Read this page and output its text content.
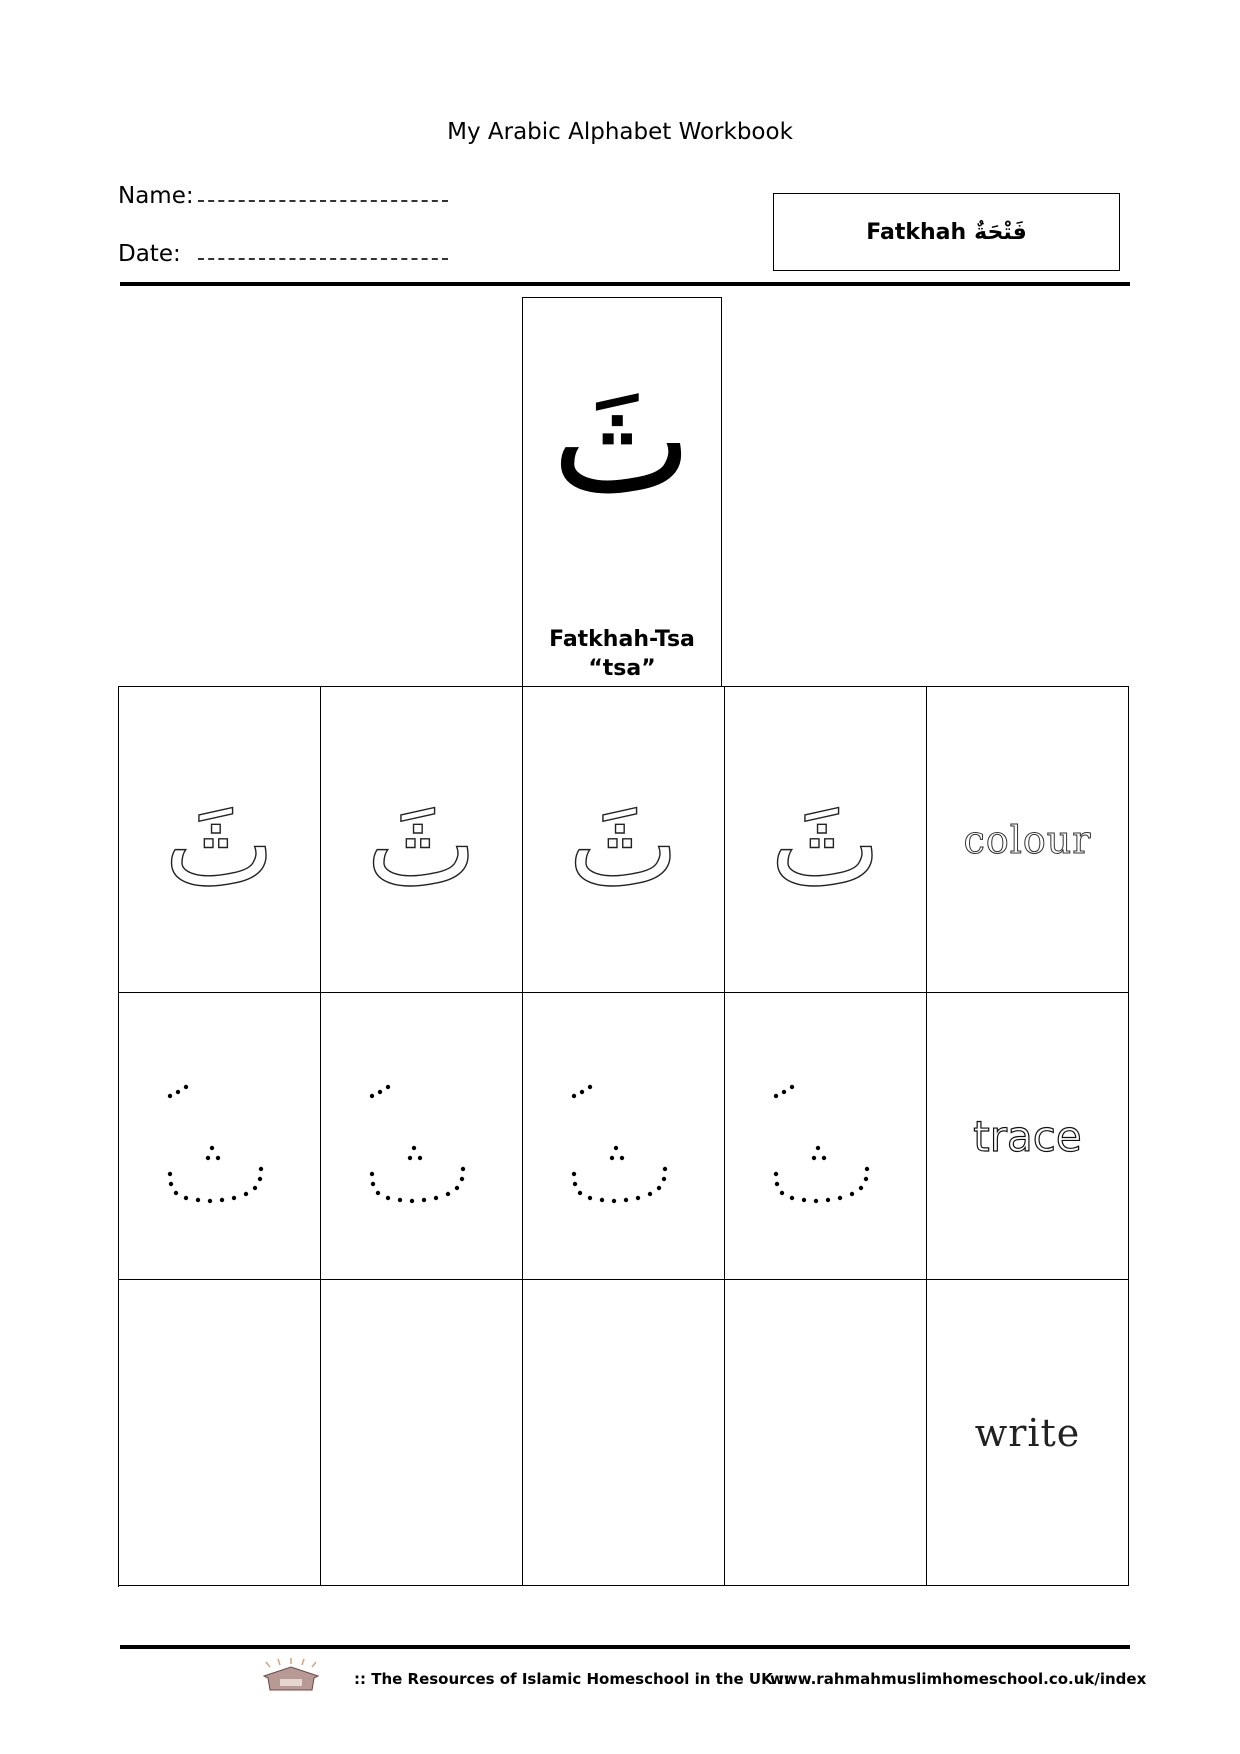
My Arabic Alphabet Workbook
Name:
Date:
Fatkhah فَتْحَةٌ
ثَ
Fatkhah-Tsa
“tsa”
ثَ ثَ ثَ ثَ colour
trace
write
:: The Resources of Islamic Homeschool in the UK ::
www.rahmahmuslimhomeschool.co.uk/index
